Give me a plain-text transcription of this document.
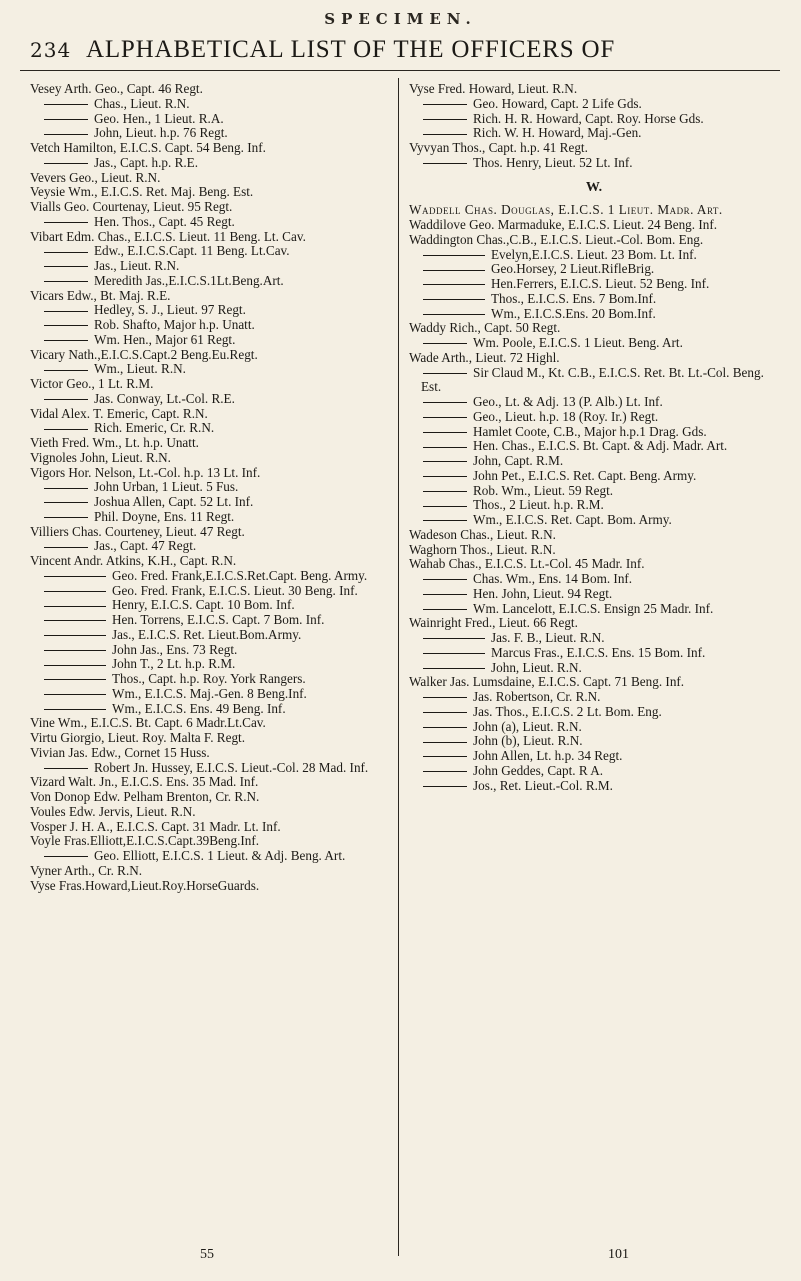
SPECIMEN.
234 ALPHABETICAL LIST OF THE OFFICERS OF
Vesey Arth. Geo., Capt. 46 Regt.
Chas., Lieut. R.N.
Geo. Hen., 1 Lieut. R.A.
John, Lieut. h.p. 76 Regt.
Vetch Hamilton, E.I.C.S. Capt. 54 Beng. Inf.
Jas., Capt. h.p. R.E.
Vevers Geo., Lieut. R.N.
Veysie Wm., E.I.C.S. Ret. Maj. Beng. Est.
Vialls Geo. Courtenay, Lieut. 95 Regt.
Hen. Thos., Capt. 45 Regt.
Vibart Edm. Chas., E.I.C.S. Lieut. 11 Beng. Lt. Cav.
Edw., E.I.C.S.Capt. 11 Beng. Lt.Cav.
Jas., Lieut. R.N.
Meredith Jas.,E.I.C.S.1Lt.Beng.Art.
Vicars Edw., Bt. Maj. R.E.
Hedley, S. J., Lieut. 97 Regt.
Rob. Shafto, Major h.p. Unatt.
Wm. Hen., Major 61 Regt.
Vicary Nath.,E.I.C.S.Capt.2 Beng.Eu.Regt.
Wm., Lieut. R.N.
Victor Geo., 1 Lt. R.M.
Jas. Conway, Lt.-Col. R.E.
Vidal Alex. T. Emeric, Capt. R.N.
Rich. Emeric, Cr. R.N.
Vieth Fred. Wm., Lt. h.p. Unatt.
Vignoles John, Lieut. R.N.
Vigors Hor. Nelson, Lt.-Col. h.p. 13 Lt. Inf.
John Urban, 1 Lieut. 5 Fus.
Joshua Allen, Capt. 52 Lt. Inf.
Phil. Doyne, Ens. 11 Regt.
Villiers Chas. Courteney, Lieut. 47 Regt.
Jas., Capt. 47 Regt.
Vincent Andr. Atkins, K.H., Capt. R.N.
Geo. Fred. Frank,E.I.C.S.Ret.Capt. Beng. Army.
Geo. Fred. Frank, E.I.C.S. Lieut. 30 Beng. Inf.
Henry, E.I.C.S. Capt. 10 Bom. Inf.
Hen. Torrens, E.I.C.S. Capt. 7 Bom. Inf.
Jas., E.I.C.S. Ret. Lieut.Bom.Army.
John Jas., Ens. 73 Regt.
John T., 2 Lt. h.p. R.M.
Thos., Capt. h.p. Roy. York Rangers.
Wm., E.I.C.S. Maj.-Gen. 8 Beng.Inf.
Wm., E.I.C.S. Ens. 49 Beng. Inf.
Vine Wm., E.I.C.S. Bt. Capt. 6 Madr.Lt.Cav.
Virtu Giorgio, Lieut. Roy. Malta F. Regt.
Vivian Jas. Edw., Cornet 15 Huss.
Robert Jn. Hussey, E.I.C.S. Lieut.-Col. 28 Mad. Inf.
Vizard Walt. Jn., E.I.C.S. Ens. 35 Mad. Inf.
Von Donop Edw. Pelham Brenton, Cr. R.N.
Voules Edw. Jervis, Lieut. R.N.
Vosper J. H. A., E.I.C.S. Capt. 31 Madr. Lt. Inf.
Voyle Fras.Elliott,E.I.C.S.Capt.39Beng.Inf.
Geo. Elliott, E.I.C.S. 1 Lieut. & Adj. Beng. Art.
Vyner Arth., Cr. R.N.
Vyse Fras.Howard,Lieut.Roy.HorseGuards.
Vyse Fred. Howard, Lieut. R.N.
Geo. Howard, Capt. 2 Life Gds.
Rich. H. R. Howard, Capt. Roy. Horse Gds.
Rich. W. H. Howard, Maj.-Gen.
Vyvyan Thos., Capt. h.p. 41 Regt.
Thos. Henry, Lieut. 52 Lt. Inf.
W.
Waddell Chas. Douglas, E.I.C.S. 1 Lieut. Madr. Art.
Waddilove Geo. Marmaduke, E.I.C.S. Lieut. 24 Beng. Inf.
Waddington Chas.,C.B., E.I.C.S. Lieut.-Col. Bom. Eng.
Evelyn,E.I.C.S. Lieut. 23 Bom. Lt. Inf.
Geo.Horsey, 2 Lieut.RifleBrig.
Hen.Ferrers, E.I.C.S. Lieut. 52 Beng. Inf.
Thos., E.I.C.S. Ens. 7 Bom.Inf.
Wm., E.I.C.S.Ens. 20 Bom.Inf.
Waddy Rich., Capt. 50 Regt.
Wm. Poole, E.I.C.S. 1 Lieut. Beng. Art.
Wade Arth., Lieut. 72 Highl.
Sir Claud M., Kt. C.B., E.I.C.S. Ret. Bt. Lt.-Col. Beng. Est.
Geo., Lt. & Adj. 13 (P. Alb.) Lt. Inf.
Geo., Lieut. h.p. 18 (Roy. Ir.) Regt.
Hamlet Coote, C.B., Major h.p.1 Drag. Gds.
Hen. Chas., E.I.C.S. Bt. Capt. & Adj. Madr. Art.
John, Capt. R.M.
John Pet., E.I.C.S. Ret. Capt. Beng. Army.
Rob. Wm., Lieut. 59 Regt.
Thos., 2 Lieut. h.p. R.M.
Wm., E.I.C.S. Ret. Capt. Bom. Army.
Wadeson Chas., Lieut. R.N.
Waghorn Thos., Lieut. R.N.
Wahab Chas., E.I.C.S. Lt.-Col. 45 Madr. Inf.
Chas. Wm., Ens. 14 Bom. Inf.
Hen. John, Lieut. 94 Regt.
Wm. Lancelott, E.I.C.S. Ensign 25 Madr. Inf.
Wainright Fred., Lieut. 66 Regt.
Jas. F. B., Lieut. R.N.
Marcus Fras., E.I.C.S. Ens. 15 Bom. Inf.
John, Lieut. R.N.
Walker Jas. Lumsdaine, E.I.C.S. Capt. 71 Beng. Inf.
Jas. Robertson, Cr. R.N.
Jas. Thos., E.I.C.S. 2 Lt. Bom. Eng.
John (a), Lieut. R.N.
John (b), Lieut. R.N.
John Allen, Lt. h.p. 34 Regt.
John Geddes, Capt. R A.
Jos., Ret. Lieut.-Col. R.M.
55	101
